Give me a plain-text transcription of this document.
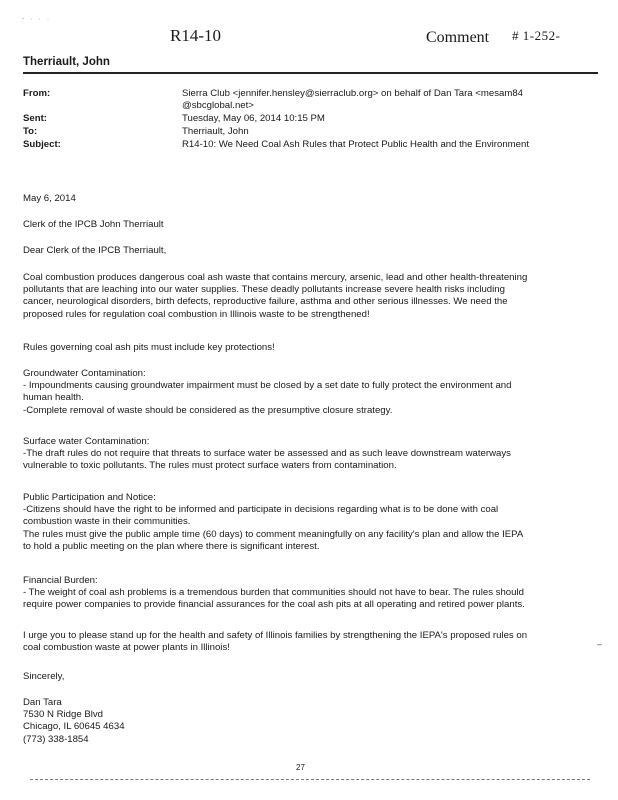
- · · ·
R14-10	Comment # 1-252-
Therriault, John
From:	Sierra Club <jennifer.hensley@sierraclub.org> on behalf of Dan Tara <mesam84
@sbcglobal.net>
Sent:	Tuesday, May 06, 2014 10:15 PM
To:	Therriault, John
Subject:	R14-10: We Need Coal Ash Rules that Protect Public Health and the Environment
May 6, 2014
Clerk of the IPCB John Therriault
Dear Clerk of the IPCB Therriault,
Coal combustion produces dangerous coal ash waste that contains mercury, arsenic, lead and other health-threatening
pollutants that are leaching into our water supplies. These deadly pollutants increase severe health risks including
cancer, neurological disorders, birth defects, reproductive failure, asthma and other serious illnesses. We need the
proposed rules for regulation coal combustion in Illinois waste to be strengthened!
Rules governing coal ash pits must include key protections!
Groundwater Contamination:
- Impoundments causing groundwater impairment must be closed by a set date to fully protect the environment and
human health.
-Complete removal of waste should be considered as the presumptive closure strategy.
Surface water Contamination:
-The draft rules do not require that threats to surface water be assessed and as such leave downstream waterways
vulnerable to toxic pollutants. The rules must protect surface waters from contamination.
Public Participation and Notice:
-Citizens should have the right to be informed and participate in decisions regarding what is to be done with coal
combustion waste in their communities.
The rules must give the public ample time (60 days) to comment meaningfully on any facility's plan and allow the IEPA
to hold a public meeting on the plan where there is significant interest.
Financial Burden:
- The weight of coal ash problems is a tremendous burden that communities should not have to bear. The rules should
require power companies to provide financial assurances for the coal ash pits at all operating and retired power plants.
I urge you to please stand up for the health and safety of Illinois families by strengthening the IEPA's proposed rules on
coal combustion waste at power plants in Illinois!	–
Sincerely,
Dan Tara
7530 N Ridge Blvd
Chicago, IL 60645 4634
(773) 338-1854
27
